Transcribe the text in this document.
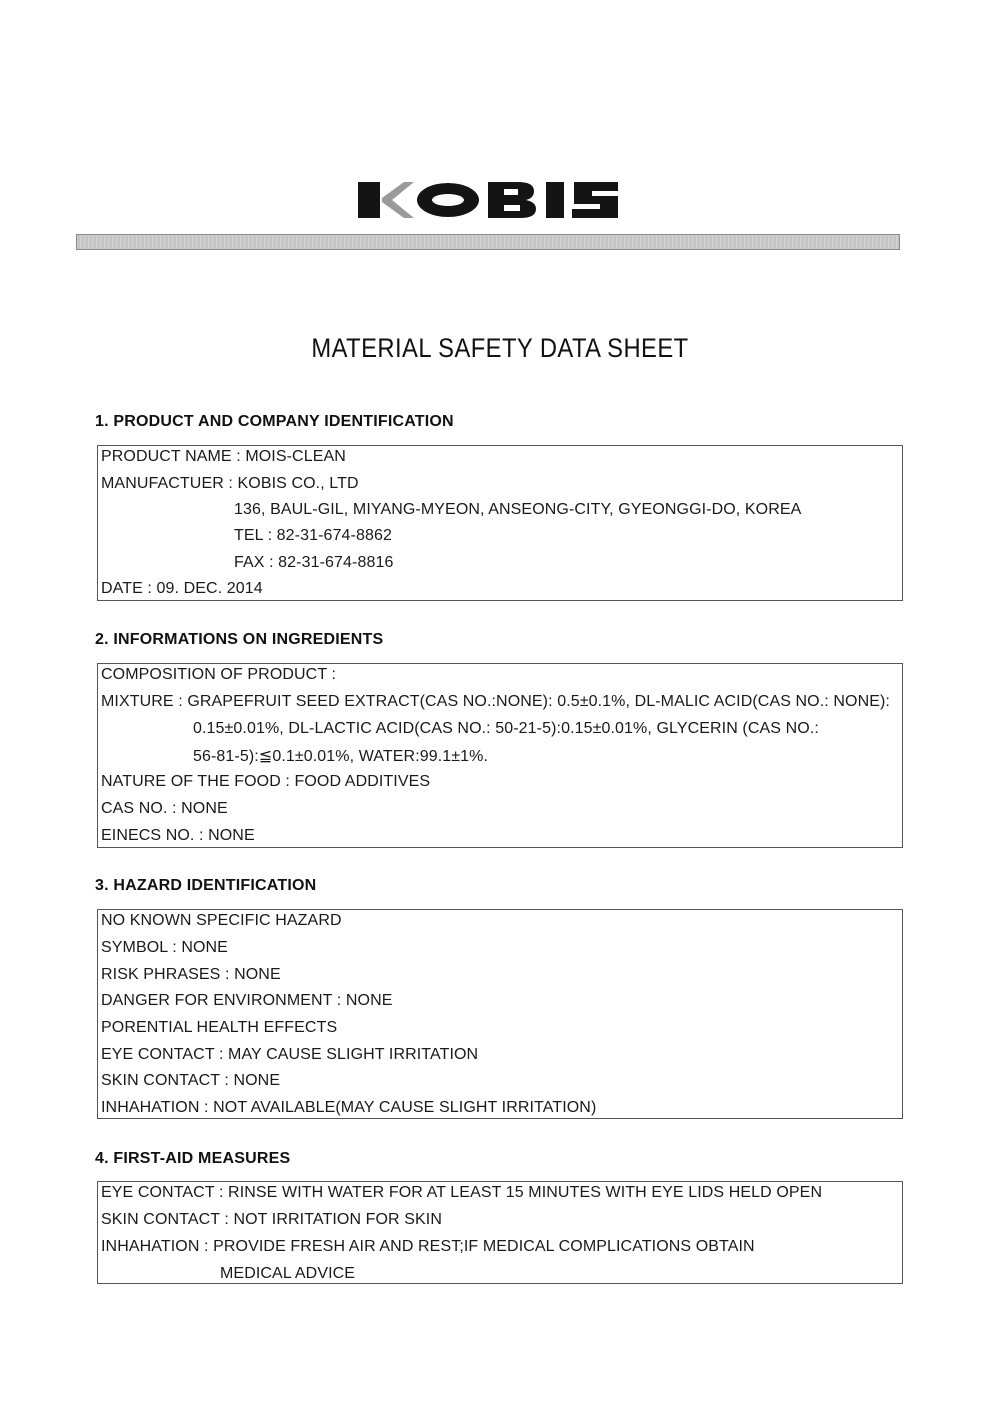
MATERIAL SAFETY DATA SHEET
1. PRODUCT AND COMPANY IDENTIFICATION
PRODUCT NAME : MOIS-CLEAN
MANUFACTUER : KOBIS CO., LTD
136, BAUL-GIL, MIYANG-MYEON, ANSEONG-CITY, GYEONGGI-DO, KOREA
TEL : 82-31-674-8862
FAX : 82-31-674-8816
DATE : 09. DEC. 2014
2. INFORMATIONS ON INGREDIENTS
COMPOSITION OF PRODUCT :
MIXTURE : GRAPEFRUIT SEED EXTRACT(CAS NO.:NONE): 0.5±0.1%, DL-MALIC ACID(CAS NO.: NONE):
0.15±0.01%, DL-LACTIC ACID(CAS NO.: 50-21-5):0.15±0.01%, GLYCERIN (CAS NO.:
56-81-5):≦0.1±0.01%, WATER:99.1±1%.
NATURE OF THE FOOD : FOOD ADDITIVES
CAS NO. : NONE
EINECS NO. : NONE
3. HAZARD IDENTIFICATION
NO KNOWN SPECIFIC HAZARD
SYMBOL : NONE
RISK PHRASES : NONE
DANGER FOR ENVIRONMENT : NONE
PORENTIAL HEALTH EFFECTS
EYE CONTACT : MAY CAUSE SLIGHT IRRITATION
SKIN CONTACT : NONE
INHAHATION : NOT AVAILABLE(MAY CAUSE SLIGHT IRRITATION)
4. FIRST-AID MEASURES
EYE CONTACT : RINSE WITH WATER FOR AT LEAST 15 MINUTES WITH EYE LIDS HELD OPEN
SKIN CONTACT : NOT IRRITATION FOR SKIN
INHAHATION : PROVIDE FRESH AIR AND REST;IF MEDICAL COMPLICATIONS OBTAIN
MEDICAL ADVICE
